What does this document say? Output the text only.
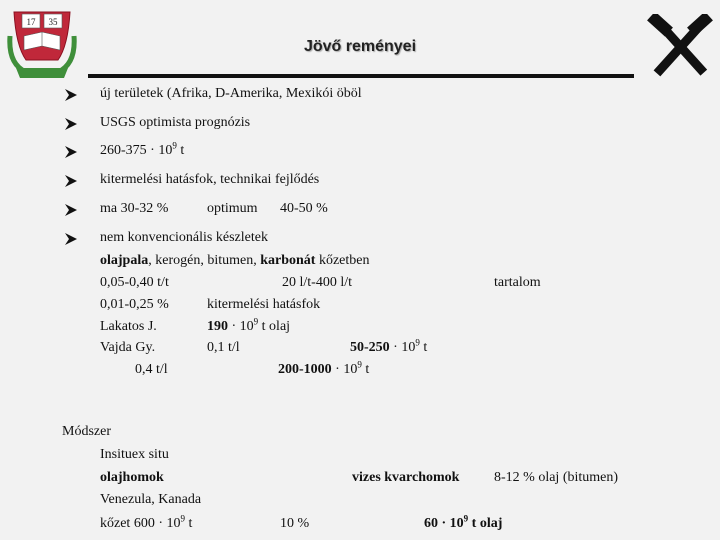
17 35
Jövő reményei
új területek (Afrika, D-Amerika, Mexikói öböl
USGS optimista prognózis
$260-375 \cdot 10^9$ t
kitermelési hatásfok, technikai fejlődés
ma 30-32 %	optimum 40-50 %
nem konvencionális készletek
olajpala, kerogén, bitumen, karbonát kőzetben
0,05-0,40 t/t	20 l/t-400 l/t	tartalom
0,01-0,25 %	kitermelési hatásfok
Lakatos J.	$190 \cdot 10^9$ t olaj
Vajda Gy.	0,1 t/l	$50-250 \cdot 10^9$ t
0,4 t/l	$200-1000 \cdot 10^9$ t
Módszer
Insituex situ
olajhomok	vizes kvarchomok 8-12 % olaj (bitumen)
Venezula, Kanada
kőzet $600 \cdot 10^9$ t	10 %	$60 \cdot 10^9$ t olaj
